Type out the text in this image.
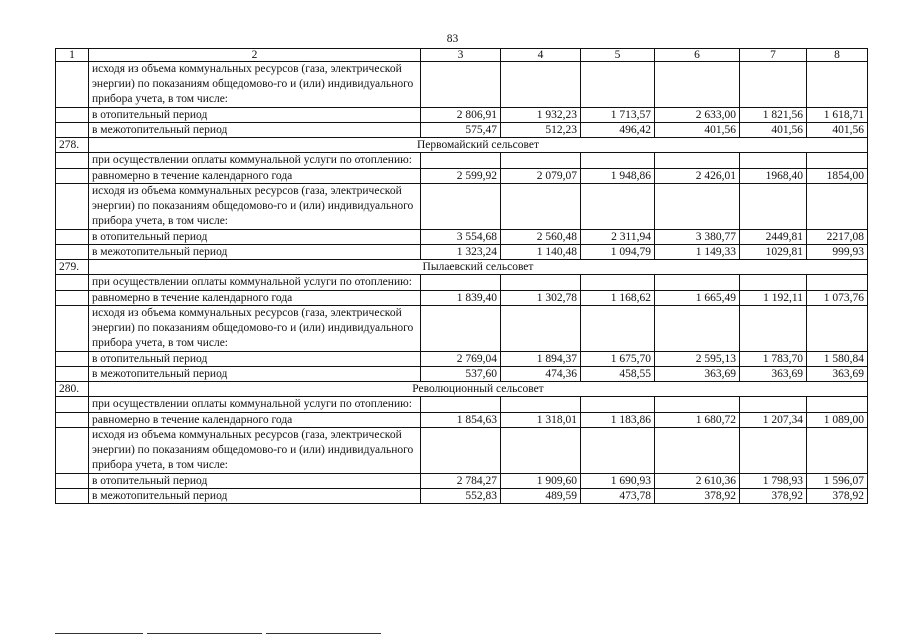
83
1	2	3	4	5	6	7	8
	исходя из объема коммунальных ресурсов (газа, электрической энергии) по показаниям общедомово-го и (или) индивидуального прибора учета, в том числе:						
	в отопительный период	2 806,91	1 932,23	1 713,57	2 633,00	1 821,56	1 618,71
	в межотопительный период	575,47	512,23	496,42	401,56	401,56	401,56
278.	Первомайский сельсовет						
	при осуществлении оплаты коммунальной услуги по отоплению:						
	равномерно в течение календарного года	2 599,92	2 079,07	1 948,86	2 426,01	1968,40	1854,00
	исходя из объема коммунальных ресурсов (газа, электрической энергии) по показаниям общедомово-го и (или) индивидуального прибора учета, в том числе:						
	в отопительный период	3 554,68	2 560,48	2 311,94	3 380,77	2449,81	2217,08
	в межотопительный период	1 323,24	1 140,48	1 094,79	1 149,33	1029,81	999,93
279.	Пылаевский сельсовет						
	при осуществлении оплаты коммунальной услуги по отоплению:						
	равномерно в течение календарного года	1 839,40	1 302,78	1 168,62	1 665,49	1 192,11	1 073,76
	исходя из объема коммунальных ресурсов (газа, электрической энергии) по показаниям общедомово-го и (или) индивидуального прибора учета, в том числе:						
	в отопительный период	2 769,04	1 894,37	1 675,70	2 595,13	1 783,70	1 580,84
	в межотопительный период	537,60	474,36	458,55	363,69	363,69	363,69
280.	Революционный сельсовет						
	при осуществлении оплаты коммунальной услуги по отоплению:						
	равномерно в течение календарного года	1 854,63	1 318,01	1 183,86	1 680,72	1 207,34	1 089,00
	исходя из объема коммунальных ресурсов (газа, электрической энергии) по показаниям общедомово-го и (или) индивидуального прибора учета, в том числе:						
	в отопительный период	2 784,27	1 909,60	1 690,93	2 610,36	1 798,93	1 596,07
	в межотопительный период	552,83	489,59	473,78	378,92	378,92	378,92
